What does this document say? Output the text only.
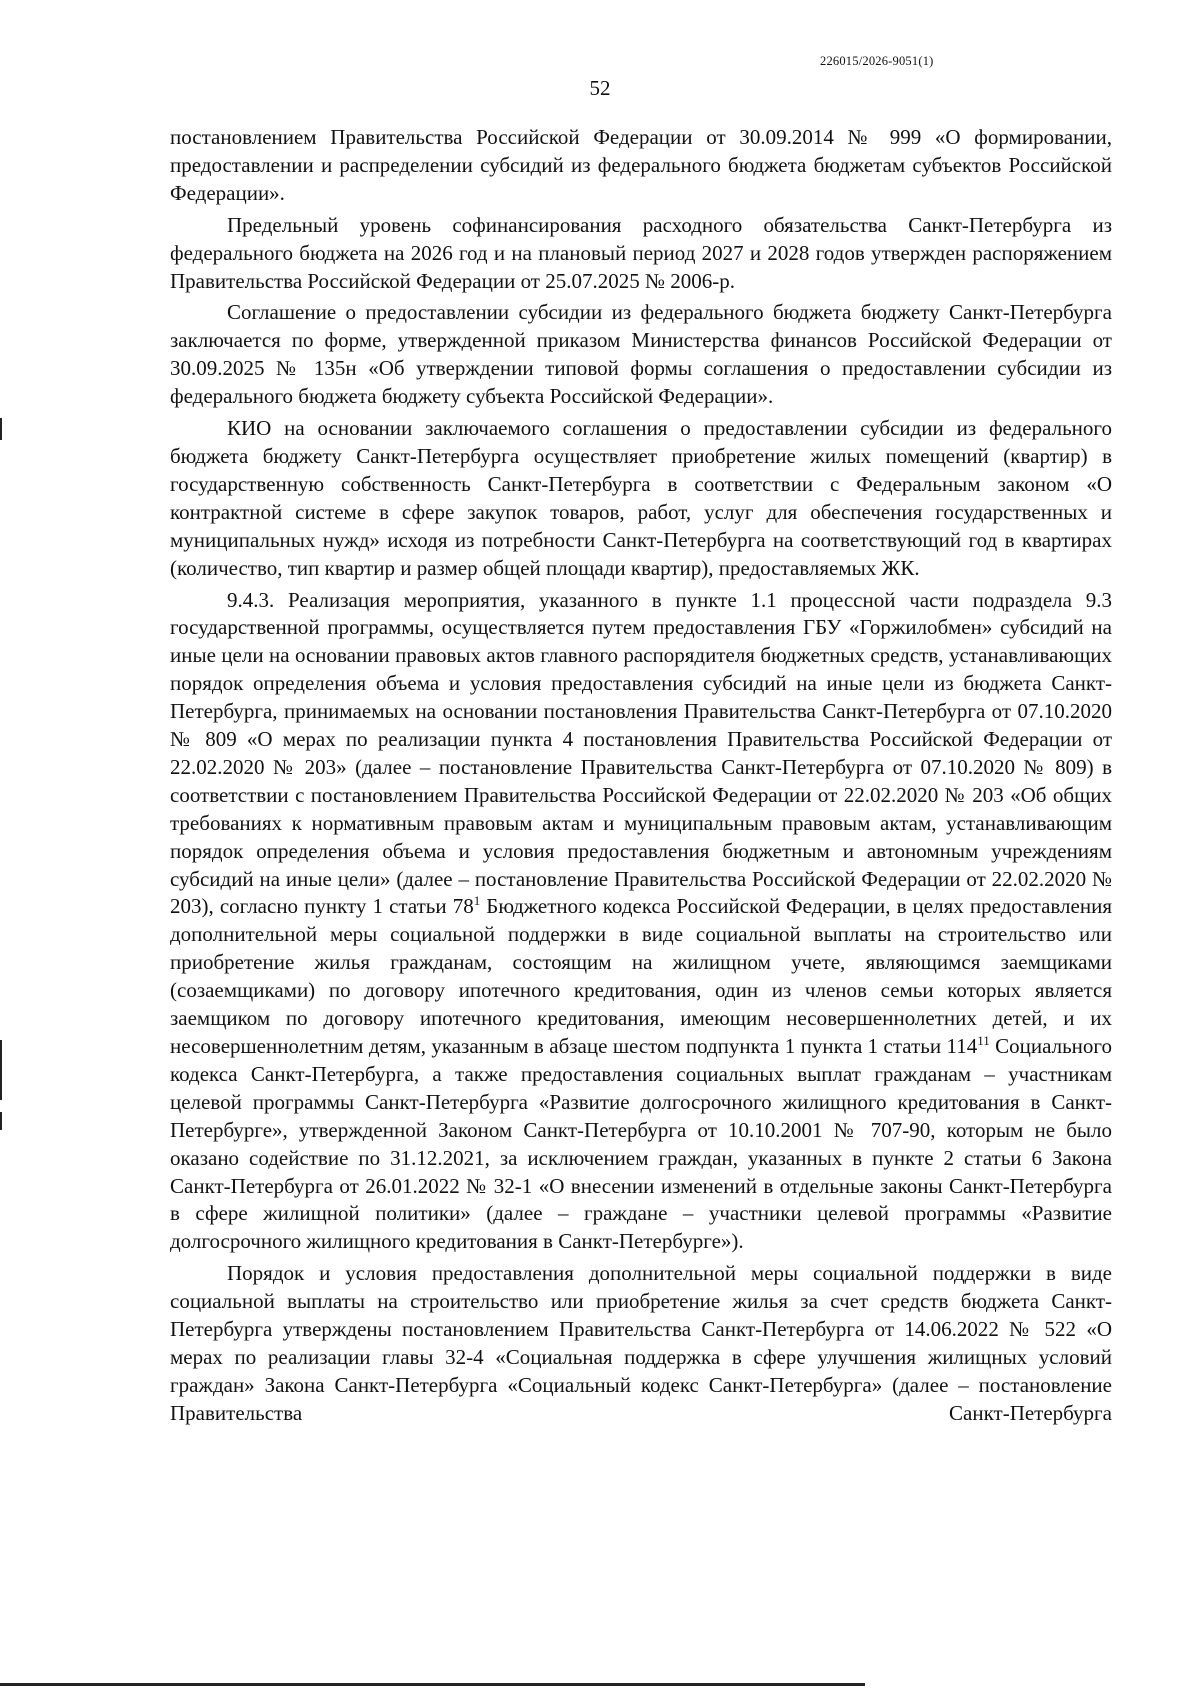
226015/2026-9051(1)
52

постановлением Правительства Российской Федерации от 30.09.2014 № 999 «О формировании, предоставлении и распределении субсидий из федерального бюджета бюджетам субъектов Российской Федерации».

Предельный уровень софинансирования расходного обязательства Санкт-Петербурга из федерального бюджета на 2026 год и на плановый период 2027 и 2028 годов утвержден распоряжением Правительства Российской Федерации от 25.07.2025 № 2006-р.

Соглашение о предоставлении субсидии из федерального бюджета бюджету Санкт-Петербурга заключается по форме, утвержденной приказом Министерства финансов Российской Федерации от 30.09.2025 № 135н «Об утверждении типовой формы соглашения о предоставлении субсидии из федерального бюджета бюджету субъекта Российской Федерации».

КИО на основании заключаемого соглашения о предоставлении субсидии из федерального бюджета бюджету Санкт-Петербурга осуществляет приобретение жилых помещений (квартир) в государственную собственность Санкт-Петербурга в соответствии с Федеральным законом «О контрактной системе в сфере закупок товаров, работ, услуг для обеспечения государственных и муниципальных нужд» исходя из потребности Санкт-Петербурга на соответствующий год в квартирах (количество, тип квартир и размер общей площади квартир), предоставляемых ЖК.

9.4.3. Реализация мероприятия, указанного в пункте 1.1 процессной части подраздела 9.3 государственной программы, осуществляется путем предоставления ГБУ «Горжилобмен» субсидий на иные цели на основании правовых актов главного распорядителя бюджетных средств, устанавливающих порядок определения объема и условия предоставления субсидий на иные цели из бюджета Санкт-Петербурга, принимаемых на основании постановления Правительства Санкт-Петербурга от 07.10.2020 № 809 «О мерах по реализации пункта 4 постановления Правительства Российской Федерации от 22.02.2020 № 203» (далее – постановление Правительства Санкт-Петербурга от 07.10.2020 № 809) в соответствии с постановлением Правительства Российской Федерации от 22.02.2020 № 203 «Об общих требованиях к нормативным правовым актам и муниципальным правовым актам, устанавливающим порядок определения объема и условия предоставления бюджетным и автономным учреждениям субсидий на иные цели» (далее – постановление Правительства Российской Федерации от 22.02.2020 № 203), согласно пункту 1 статьи $78^1$ Бюджетного кодекса Российской Федерации, в целях предоставления дополнительной меры социальной поддержки в виде социальной выплаты на строительство или приобретение жилья гражданам, состоящим на жилищном учете, являющимся заемщиками (созаемщиками) по договору ипотечного кредитования, один из членов семьи которых является заемщиком по договору ипотечного кредитования, имеющим несовершеннолетних детей, и их несовершеннолетним детям, указанным в абзаце шестом подпункта 1 пункта 1 статьи $114^{11}$ Социального кодекса Санкт-Петербурга, а также предоставления социальных выплат гражданам – участникам целевой программы Санкт-Петербурга «Развитие долгосрочного жилищного кредитования в Санкт-Петербурге», утвержденной Законом Санкт-Петербурга от 10.10.2001 № 707-90, которым не было оказано содействие по 31.12.2021, за исключением граждан, указанных в пункте 2 статьи 6 Закона Санкт-Петербурга от 26.01.2022 № 32-1 «О внесении изменений в отдельные законы Санкт-Петербурга в сфере жилищной политики» (далее – граждане – участники целевой программы «Развитие долгосрочного жилищного кредитования в Санкт-Петербурге»).

Порядок и условия предоставления дополнительной меры социальной поддержки в виде социальной выплаты на строительство или приобретение жилья за счет средств бюджета Санкт-Петербурга утверждены постановлением Правительства Санкт-Петербурга от 14.06.2022 № 522 «О мерах по реализации главы 32-4 «Социальная поддержка в сфере улучшения жилищных условий граждан» Закона Санкт-Петербурга «Социальный кодекс Санкт-Петербурга» (далее – постановление Правительства Санкт-Петербурга
